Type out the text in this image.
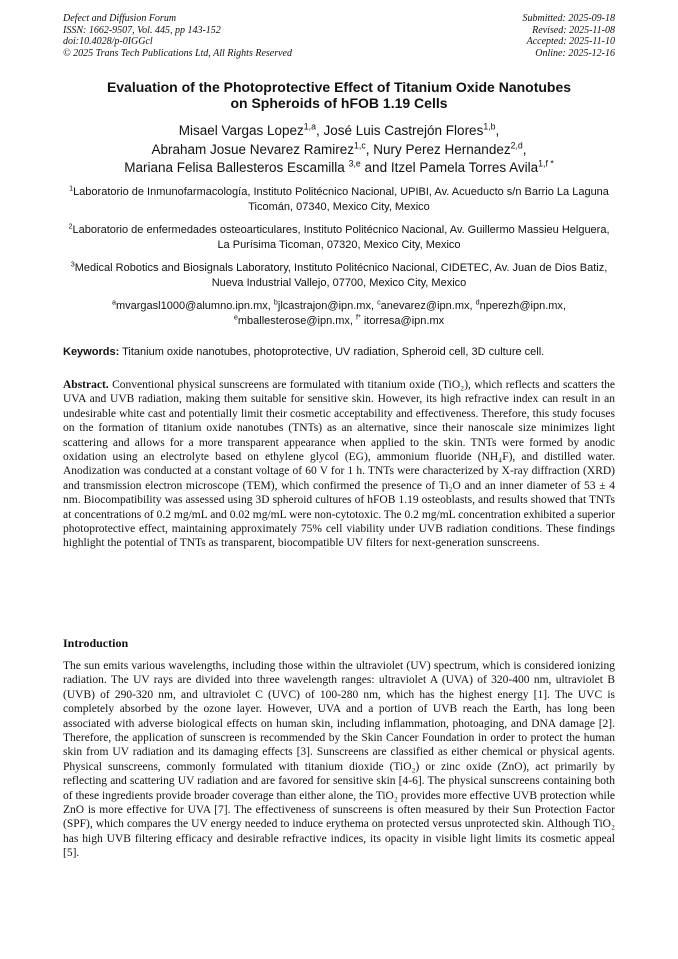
Defect and Diffusion Forum
ISSN: 1662-9507, Vol. 445, pp 143-152
doi:10.4028/p-0IGGcl
© 2025 Trans Tech Publications Ltd, All Rights Reserved
Submitted: 2025-09-18
Revised: 2025-11-08
Accepted: 2025-11-10
Online: 2025-12-16
Evaluation of the Photoprotective Effect of Titanium Oxide Nanotubes
on Spheroids of hFOB 1.19 Cells
Misael Vargas Lopez$^{1,a}$, José Luis Castrejón Flores$^{1,b}$,
Abraham Josue Nevarez Ramirez$^{1,c}$, Nury Perez Hernandez$^{2,d}$,
Mariana Felisa Ballesteros Escamilla $^{3,e}$ and Itzel Pamela Torres Avila$^{1,f *}$
$^1$Laboratorio de Inmunofarmacología, Instituto Politécnico Nacional, UPIBI, Av. Acueducto s/n Barrio La Laguna Ticomán, 07340, Mexico City, Mexico
$^2$Laboratorio de enfermedades osteoarticulares, Instituto Politécnico Nacional, Av. Guillermo Massieu Helguera, La Purísima Ticoman, 07320, Mexico City, Mexico
$^3$Medical Robotics and Biosignals Laboratory, Instituto Politécnico Nacional, CIDETEC, Av. Juan de Dios Batiz, Nueva Industrial Vallejo, 07700, Mexico City, Mexico
$^a$mvargasl1000@alumno.ipn.mx, $^b$jlcastrajon@ipn.mx, $^c$anevarez@ipn.mx, $^d$nperezh@ipn.mx,
$^e$mballesterose@ipn.mx, $^{f*}$ itorresa@ipn.mx
Keywords: Titanium oxide nanotubes, photoprotective, UV radiation, Spheroid cell, 3D culture cell.
Abstract. Conventional physical sunscreens are formulated with titanium oxide (TiO₂), which reflects and scatters the UVA and UVB radiation, making them suitable for sensitive skin. However, its high refractive index can result in an undesirable white cast and potentially limit their cosmetic acceptability and effectiveness. Therefore, this study focuses on the formation of titanium oxide nanotubes (TNTs) as an alternative, since their nanoscale size minimizes light scattering and allows for a more transparent appearance when applied to the skin. TNTs were formed by anodic oxidation using an electrolyte based on ethylene glycol (EG), ammonium fluoride (NH₄F), and distilled water. Anodization was conducted at a constant voltage of 60 V for 1 h. TNTs were characterized by X-ray diffraction (XRD) and transmission electron microscope (TEM), which confirmed the presence of Ti₂O and an inner diameter of 53 ± 4 nm. Biocompatibility was assessed using 3D spheroid cultures of hFOB 1.19 osteoblasts, and results showed that TNTs at concentrations of 0.2 mg/mL and 0.02 mg/mL were non-cytotoxic. The 0.2 mg/mL concentration exhibited a superior photoprotective effect, maintaining approximately 75% cell viability under UVB radiation conditions. These findings highlight the potential of TNTs as transparent, biocompatible UV filters for next-generation sunscreens.
Introduction
The sun emits various wavelengths, including those within the ultraviolet (UV) spectrum, which is considered ionizing radiation. The UV rays are divided into three wavelength ranges: ultraviolet A (UVA) of 320-400 nm, ultraviolet B (UVB) of 290-320 nm, and ultraviolet C (UVC) of 100-280 nm, which has the highest energy [1]. The UVC is completely absorbed by the ozone layer. However, UVA and a portion of UVB reach the Earth, has long been associated with adverse biological effects on human skin, including inflammation, photoaging, and DNA damage [2]. Therefore, the application of sunscreen is recommended by the Skin Cancer Foundation in order to protect the human skin from UV radiation and its damaging effects [3]. Sunscreens are classified as either chemical or physical agents. Physical sunscreens, commonly formulated with titanium dioxide (TiO₂) or zinc oxide (ZnO), act primarily by reflecting and scattering UV radiation and are favored for sensitive skin [4-6]. The physical sunscreens containing both of these ingredients provide broader coverage than either alone, the TiO₂ provides more effective UVB protection while ZnO is more effective for UVA [7]. The effectiveness of sunscreens is often measured by their Sun Protection Factor (SPF), which compares the UV energy needed to induce erythema on protected versus unprotected skin. Although TiO₂ has high UVB filtering efficacy and desirable refractive indices, its opacity in visible light limits its cosmetic appeal [5].
